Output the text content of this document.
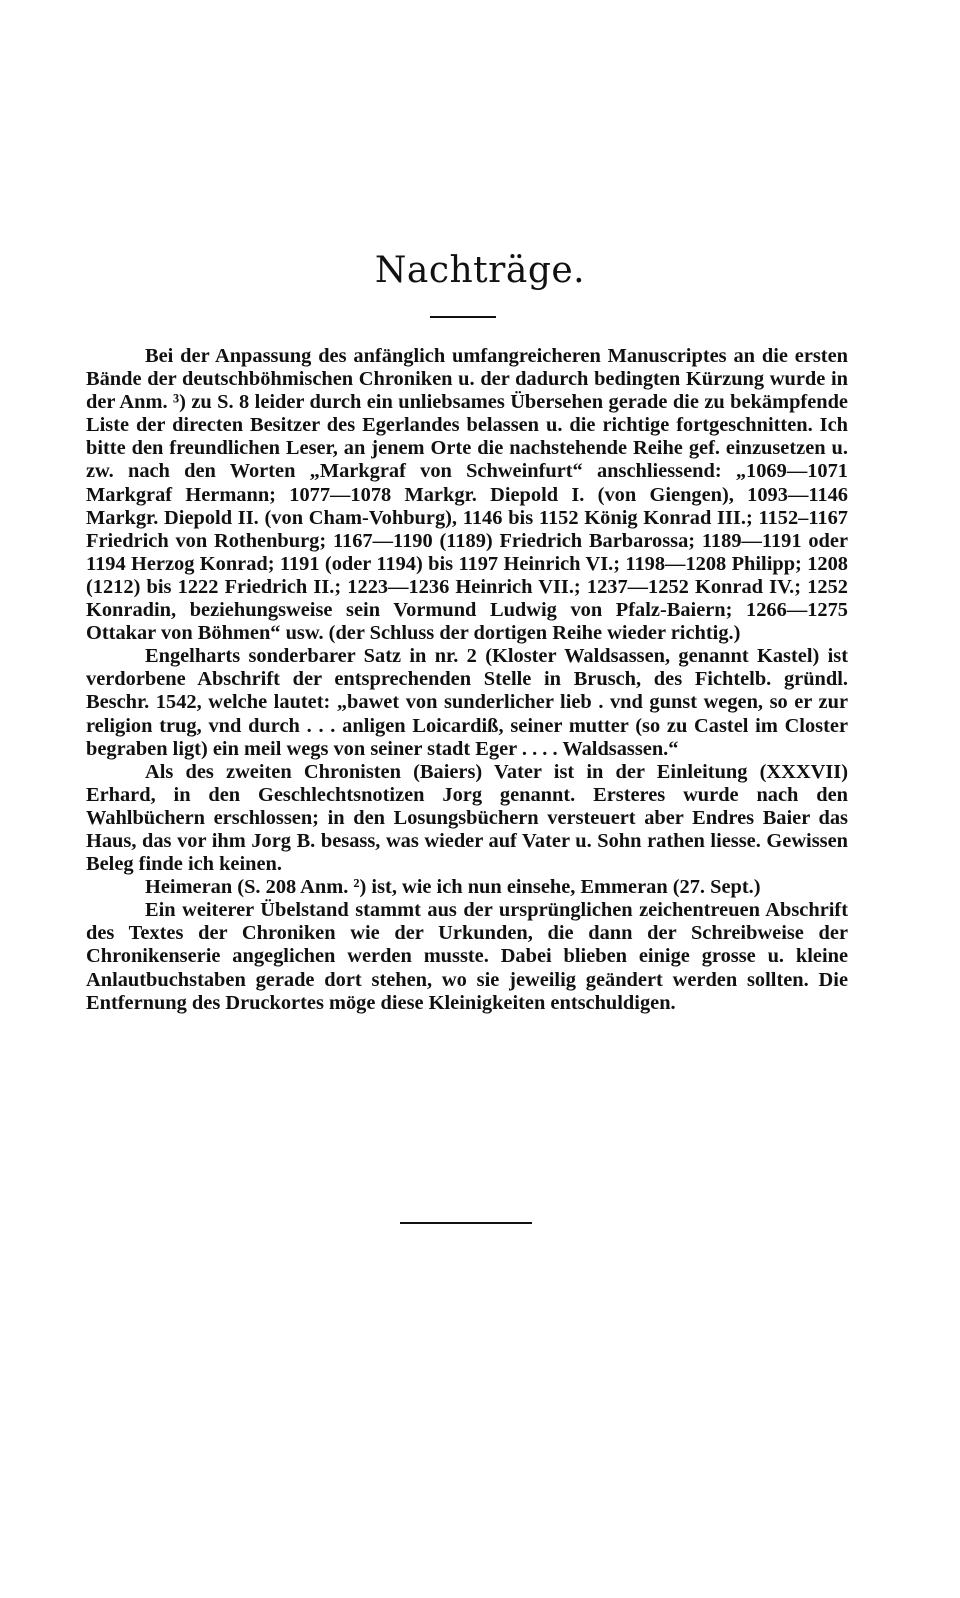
Nachträge.

Bei der Anpassung des anfänglich umfangreicheren Manuscriptes an die ersten Bände der deutschböhmischen Chroniken u. der dadurch bedingten Kürzung wurde in der Anm. ³) zu S. 8 leider durch ein unliebsames Übersehen gerade die zu bekämpfende Liste der directen Besitzer des Egerlandes belassen u. die richtige fortgeschnitten. Ich bitte den freundlichen Leser, an jenem Orte die nachstehende Reihe gef. einzusetzen u. zw. nach den Worten „Markgraf von Schweinfurt“ anschliessend: „1069—1071 Markgraf Hermann; 1077—1078 Markgr. Diepold I. (von Giengen), 1093—1146 Markgr. Diepold II. (von Cham-Vohburg), 1146 bis 1152 König Konrad III.; 1152–1167 Friedrich von Rothenburg; 1167—1190 (1189) Friedrich Barbarossa; 1189—1191 oder 1194 Herzog Konrad; 1191 (oder 1194) bis 1197 Heinrich VI.; 1198—1208 Philipp; 1208 (1212) bis 1222 Friedrich II.; 1223—1236 Heinrich VII.; 1237—1252 Konrad IV.; 1252 Konradin, beziehungsweise sein Vormund Ludwig von Pfalz-Baiern; 1266—1275 Ottakar von Böhmen“ usw. (der Schluss der dortigen Reihe wieder richtig.)

Engelharts sonderbarer Satz in nr. 2 (Kloster Waldsassen, genannt Kastel) ist verdorbene Abschrift der entsprechenden Stelle in Brusch, des Fichtelb. gründl. Beschr. 1542, welche lautet: „bawet von sunderlicher lieb . vnd gunst wegen, so er zur religion trug, vnd durch . . . anligen Loicardiß, seiner mutter (so zu Castel im Closter begraben ligt) ein meil wegs von seiner stadt Eger . . . . Waldsassen.“

Als des zweiten Chronisten (Baiers) Vater ist in der Einleitung (XXXVII) Erhard, in den Geschlechtsnotizen Jorg genannt. Ersteres wurde nach den Wahlbüchern erschlossen; in den Losungsbüchern versteuert aber Endres Baier das Haus, das vor ihm Jorg B. besass, was wieder auf Vater u. Sohn rathen liesse. Gewissen Beleg finde ich keinen.

Heimeran (S. 208 Anm. ²) ist, wie ich nun einsehe, Emmeran (27. Sept.)

Ein weiterer Übelstand stammt aus der ursprünglichen zeichentreuen Abschrift des Textes der Chroniken wie der Urkunden, die dann der Schreibweise der Chronikenserie angeglichen werden musste. Dabei blieben einige grosse u. kleine Anlautbuchstaben gerade dort stehen, wo sie jeweilig geändert werden sollten. Die Entfernung des Druckortes möge diese Kleinigkeiten entschuldigen.
